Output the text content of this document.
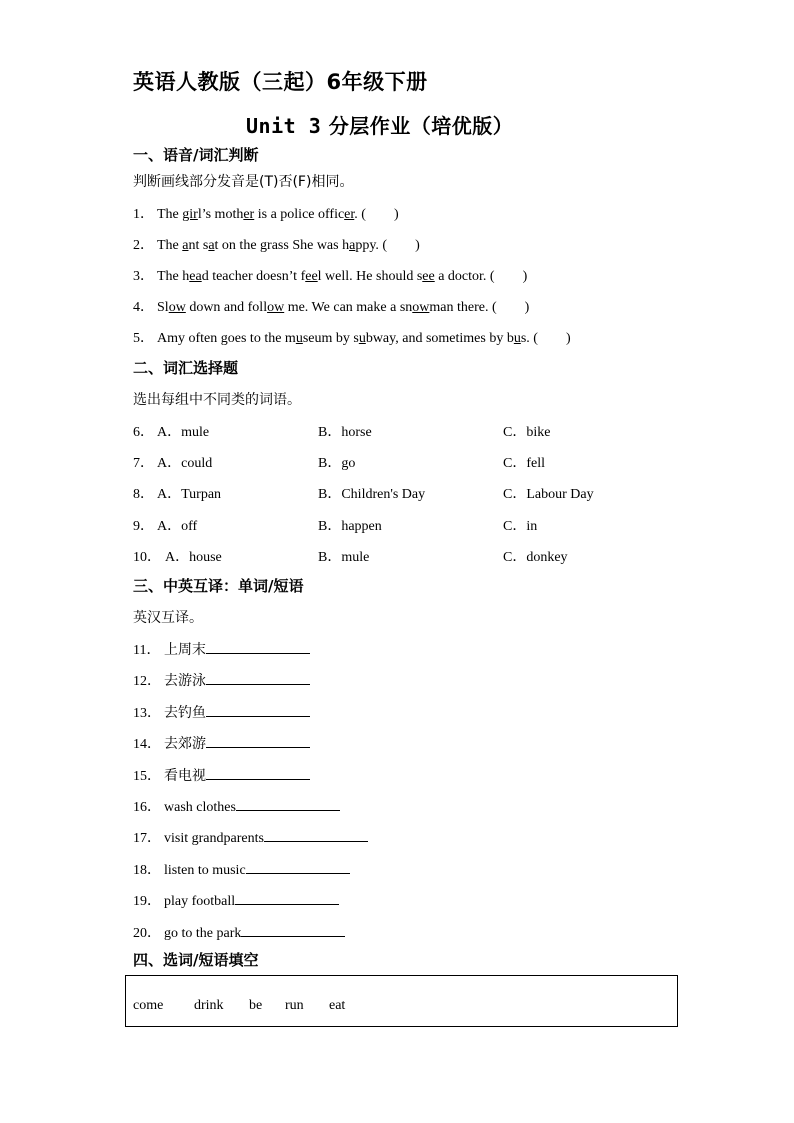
英语人教版（三起）6年级下册
Unit 3 分层作业（培优版）
一、语音/词汇判断
判断画线部分发音是(T)否(F)相同。
1． The girl’s mother is a police officer. (　　)
2． The ant sat on the grass She was happy. (　　)
3． The head teacher doesn’t feel well. He should see a doctor. (　　)
4． Slow down and follow me. We can make a snowman there. (　　)
5． Amy often goes to the museum by subway, and sometimes by bus. (　　)
二、词汇选择题
选出每组中不同类的词语。
6． A．mule	B．horse	C．bike
7． A．could	B．go	C．fell
8． A．Turpan	B．Children's Day	C．Labour Day
9． A．off	B．happen	C．in
10． A．house	B．mule	C．donkey
三、中英互译：单词/短语
英汉互译。
11． 上周末
12． 去游泳
13． 去钓鱼
14． 去郊游
15． 看电视
16． wash clothes
17． visit grandparents
18． listen to music
19． play football
20． go to the park
四、选词/短语填空
come drink be run eat
